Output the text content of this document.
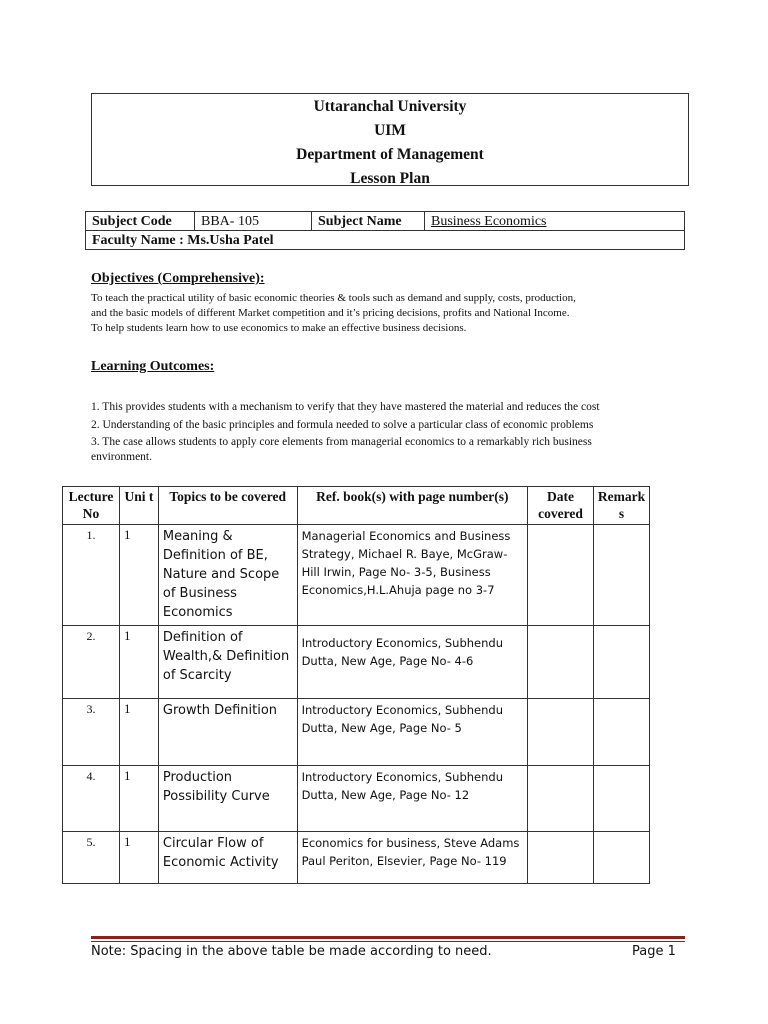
Uttaranchal University
UIM
Department of Management
Lesson Plan
Subject Code	BBA- 105	Subject Name	Business Economics
Faculty Name : Ms.Usha Patel
Objectives (Comprehensive):
To teach the practical utility of basic economic theories & tools such as demand and supply, costs, production,
and the basic models of different Market competition and it’s pricing decisions, profits and National Income.
To help students learn how to use economics to make an effective business decisions.
Learning Outcomes:
1. This provides students with a mechanism to verify that they have mastered the material and reduces the cost
2. Understanding of the basic principles and formula needed to solve a particular class of economic problems
3. The case allows students to apply core elements from managerial economics to a remarkably rich business
environment.
Lecture No	Uni t	Topics to be covered	Ref. book(s) with page number(s)	Date covered	Remark s
1.	1	Meaning & Definition of BE, Nature and Scope of Business Economics	Managerial Economics and Business Strategy, Michael R. Baye, McGraw-Hill Irwin, Page No- 3-5, Business Economics,H.L.Ahuja page no 3-7		
2.	1	Definition of Wealth,& Definition of Scarcity	Introductory Economics, Subhendu Dutta, New Age, Page No- 4-6		
3.	1	Growth Definition	Introductory Economics, Subhendu Dutta, New Age, Page No- 5		
4.	1	Production Possibility Curve	Introductory Economics, Subhendu Dutta, New Age, Page No- 12		
5.	1	Circular Flow of Economic Activity	Economics for business, Steve Adams Paul Periton, Elsevier, Page No- 119		
Note: Spacing in the above table be made according to need.	Page 1
